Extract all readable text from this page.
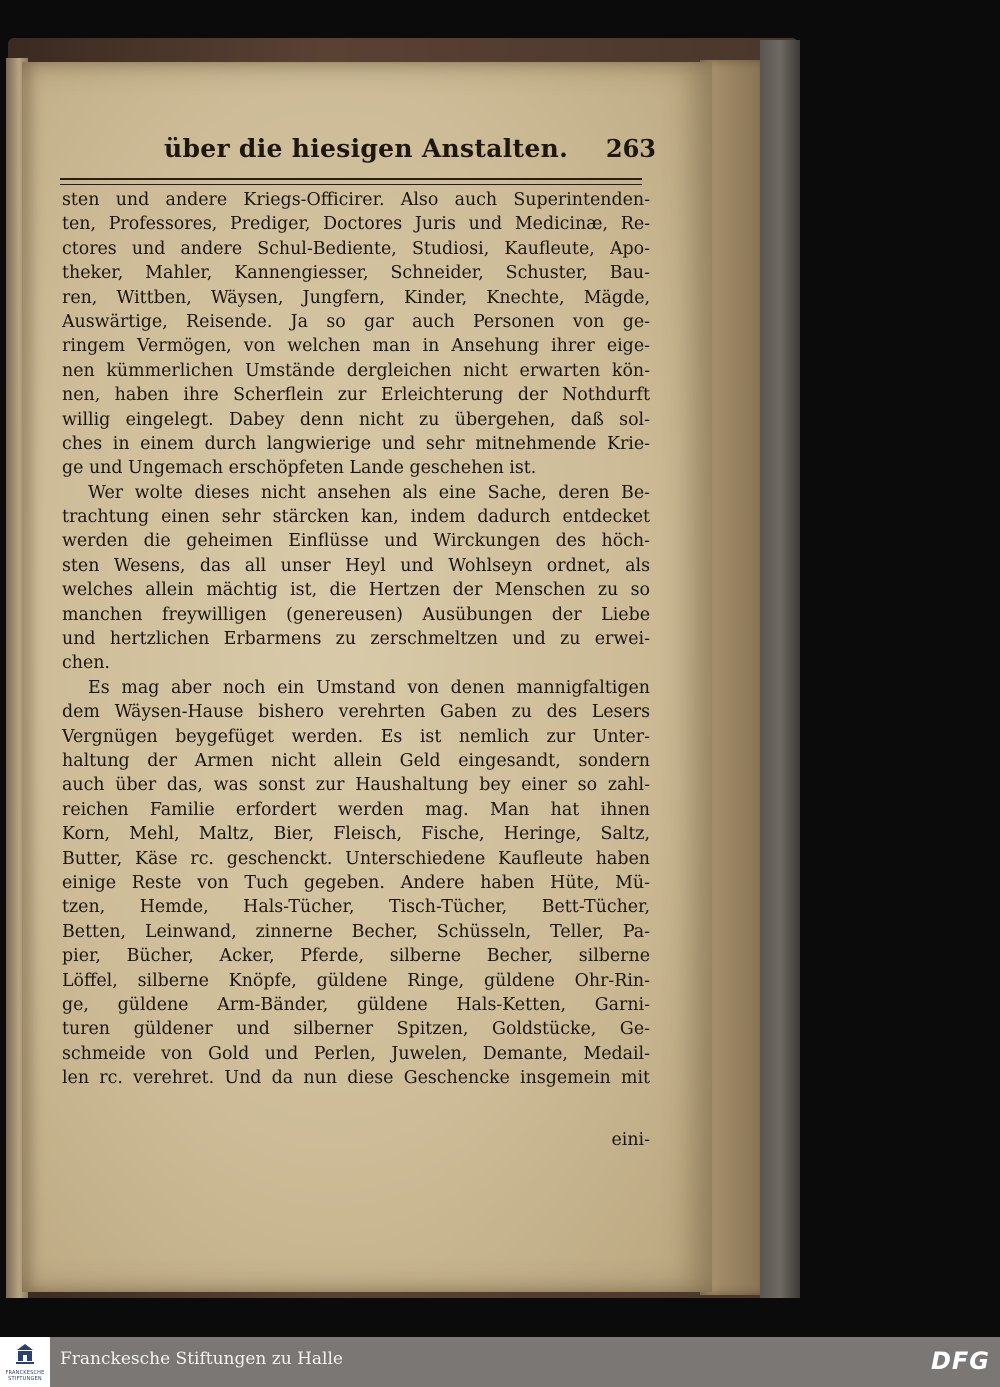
über die hiesigen Anstalten. 263
sten und andere Kriegs-Officirer. Also auch Superintenden-
ten, Professores, Prediger, Doctores Juris und Medicinæ, Re-
ctores und andere Schul-Bediente, Studiosi, Kaufleute, Apo-
theker, Mahler, Kannengiesser, Schneider, Schuster, Bau-
ren, Wittben, Wäysen, Jungfern, Kinder, Knechte, Mägde,
Auswärtige, Reisende. Ja so gar auch Personen von ge-
ringem Vermögen, von welchen man in Ansehung ihrer eige-
nen kümmerlichen Umstände dergleichen nicht erwarten kön-
nen, haben ihre Scherflein zur Erleichterung der Nothdurft
willig eingelegt. Dabey denn nicht zu übergehen, daß sol-
ches in einem durch langwierige und sehr mitnehmende Krie-
ge und Ungemach erschöpfeten Lande geschehen ist.
Wer wolte dieses nicht ansehen als eine Sache, deren Be-
trachtung einen sehr stärcken kan, indem dadurch entdecket
werden die geheimen Einflüsse und Wirckungen des höch-
sten Wesens, das all unser Heyl und Wohlseyn ordnet, als
welches allein mächtig ist, die Hertzen der Menschen zu so
manchen freywilligen (genereusen) Ausübungen der Liebe
und hertzlichen Erbarmens zu zerschmeltzen und zu erwei-
chen.
Es mag aber noch ein Umstand von denen mannigfaltigen
dem Wäysen-Hause bishero verehrten Gaben zu des Lesers
Vergnügen beygefüget werden. Es ist nemlich zur Unter-
haltung der Armen nicht allein Geld eingesandt, sondern
auch über das, was sonst zur Haushaltung bey einer so zahl-
reichen Familie erfordert werden mag. Man hat ihnen
Korn, Mehl, Maltz, Bier, Fleisch, Fische, Heringe, Saltz,
Butter, Käse rc. geschenckt. Unterschiedene Kaufleute haben
einige Reste von Tuch gegeben. Andere haben Hüte, Mü-
tzen, Hemde, Hals-Tücher, Tisch-Tücher, Bett-Tücher,
Betten, Leinwand, zinnerne Becher, Schüsseln, Teller, Pa-
pier, Bücher, Acker, Pferde, silberne Becher, silberne
Löffel, silberne Knöpfe, güldene Ringe, güldene Ohr-Rin-
ge, güldene Arm-Bänder, güldene Hals-Ketten, Garni-
turen güldener und silberner Spitzen, Goldstücke, Ge-
schmeide von Gold und Perlen, Juwelen, Demante, Medail-
len rc. verehret. Und da nun diese Geschencke insgemein mit
eini-
FRANCKESCHE STIFTUNGEN
Franckesche Stiftungen zu Halle	DFG
